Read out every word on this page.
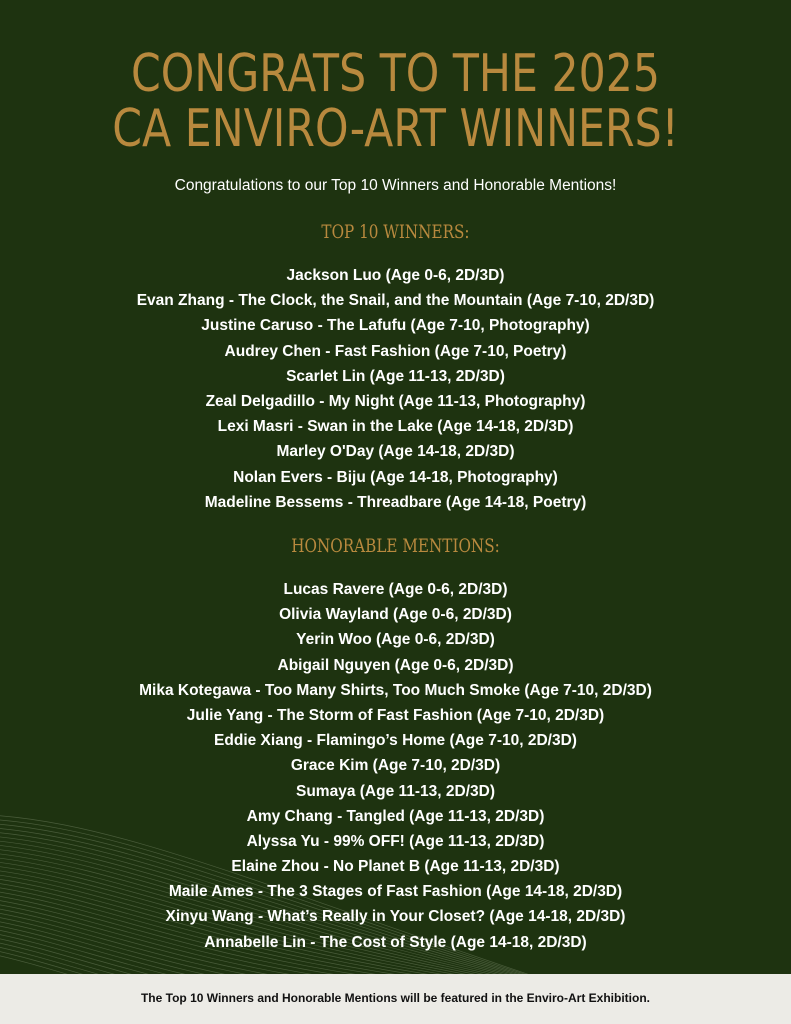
CONGRATS TO THE 2025
CA ENVIRO-ART WINNERS!
Congratulations to our Top 10 Winners and Honorable Mentions!
TOP 10 WINNERS:
Jackson Luo (Age 0-6, 2D/3D)
Evan Zhang - The Clock, the Snail, and the Mountain (Age 7-10, 2D/3D)
Justine Caruso - The Lafufu (Age 7-10, Photography)
Audrey Chen - Fast Fashion (Age 7-10, Poetry)
Scarlet Lin (Age 11-13, 2D/3D)
Zeal Delgadillo - My Night (Age 11-13, Photography)
Lexi Masri - Swan in the Lake (Age 14-18, 2D/3D)
Marley O'Day (Age 14-18, 2D/3D)
Nolan Evers - Biju (Age 14-18, Photography)
Madeline Bessems - Threadbare (Age 14-18, Poetry)
HONORABLE MENTIONS:
Lucas Ravere (Age 0-6, 2D/3D)
Olivia Wayland (Age 0-6, 2D/3D)
Yerin Woo (Age 0-6, 2D/3D)
Abigail Nguyen (Age 0-6, 2D/3D)
Mika Kotegawa - Too Many Shirts, Too Much Smoke (Age 7-10, 2D/3D)
Julie Yang - The Storm of Fast Fashion (Age 7-10, 2D/3D)
Eddie Xiang - Flamingo’s Home (Age 7-10, 2D/3D)
Grace Kim (Age 7-10, 2D/3D)
Sumaya (Age 11-13, 2D/3D)
Amy Chang - Tangled (Age 11-13, 2D/3D)
Alyssa Yu - 99% OFF! (Age 11-13, 2D/3D)
Elaine Zhou - No Planet B (Age 11-13, 2D/3D)
Maile Ames - The 3 Stages of Fast Fashion (Age 14-18, 2D/3D)
Xinyu Wang - What’s Really in Your Closet? (Age 14-18, 2D/3D)
Annabelle Lin - The Cost of Style (Age 14-18, 2D/3D)
The Top 10 Winners and Honorable Mentions will be featured in the Enviro-Art Exhibition.
